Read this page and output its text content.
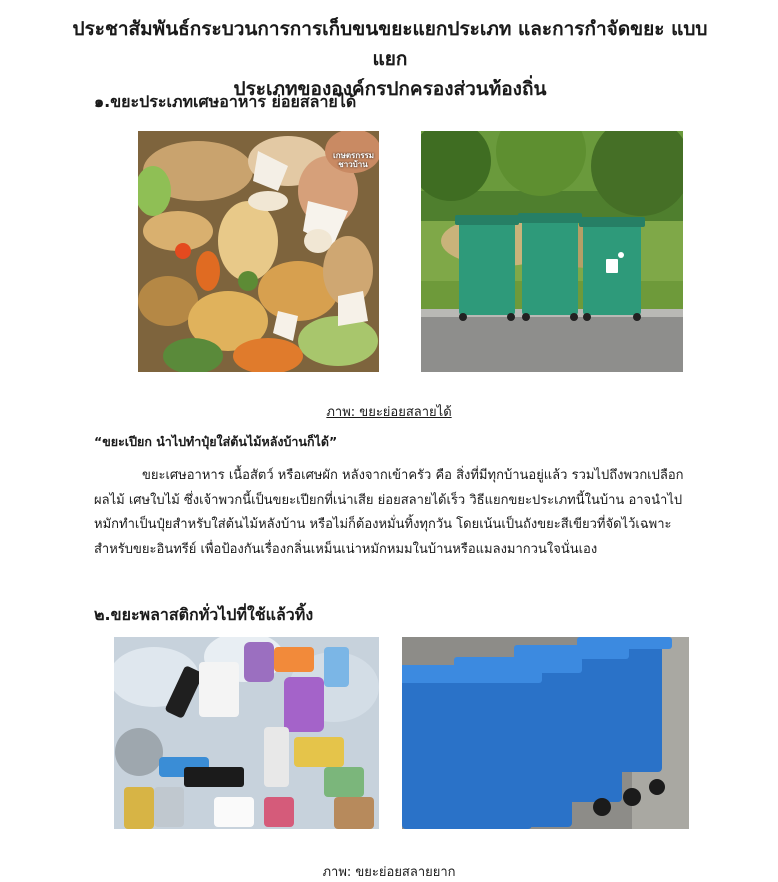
ประชาสัมพันธ์กระบวนการการเก็บขนขยะแยกประเภท และการกำจัดขยะ แบบแยก
ประเภทขององค์กรปกครองส่วนท้องถิ่น
๑.ขยะประเภทเศษอาหาร ย่อยสลายได้
เกษตรกรรม ชาวบ้าน
ภาพ: ขยะย่อยสลายได้
“ขยะเปียก นำไปทำปุ๋ยใส่ต้นไม้หลังบ้านก็ได้”
ขยะเศษอาหาร เนื้อสัตว์ หรือเศษผัก หลังจากเข้าครัว คือ สิ่งที่มีทุกบ้านอยู่แล้ว รวมไปถึงพวกเปลือก
ผลไม้ เศษใบไม้ ซึ่งเจ้าพวกนี้เป็นขยะเปียกที่เน่าเสีย ย่อยสลายได้เร็ว วิธีแยกขยะประเภทนี้ในบ้าน อาจนำไป
หมักทำเป็นปุ๋ยสำหรับใส่ต้นไม้หลังบ้าน หรือไม่ก็ต้องหมั่นทิ้งทุกวัน โดยเน้นเป็นถังขยะสีเขียวที่จัดไว้เฉพาะ
สำหรับขยะอินทรีย์ เพื่อป้องกันเรื่องกลิ่นเหม็นเน่าหมักหมมในบ้านหรือแมลงมากวนใจนั่นเอง
๒.ขยะพลาสติกทั่วไปที่ใช้แล้วทิ้ง
ภาพ: ขยะย่อยสลายยาก
